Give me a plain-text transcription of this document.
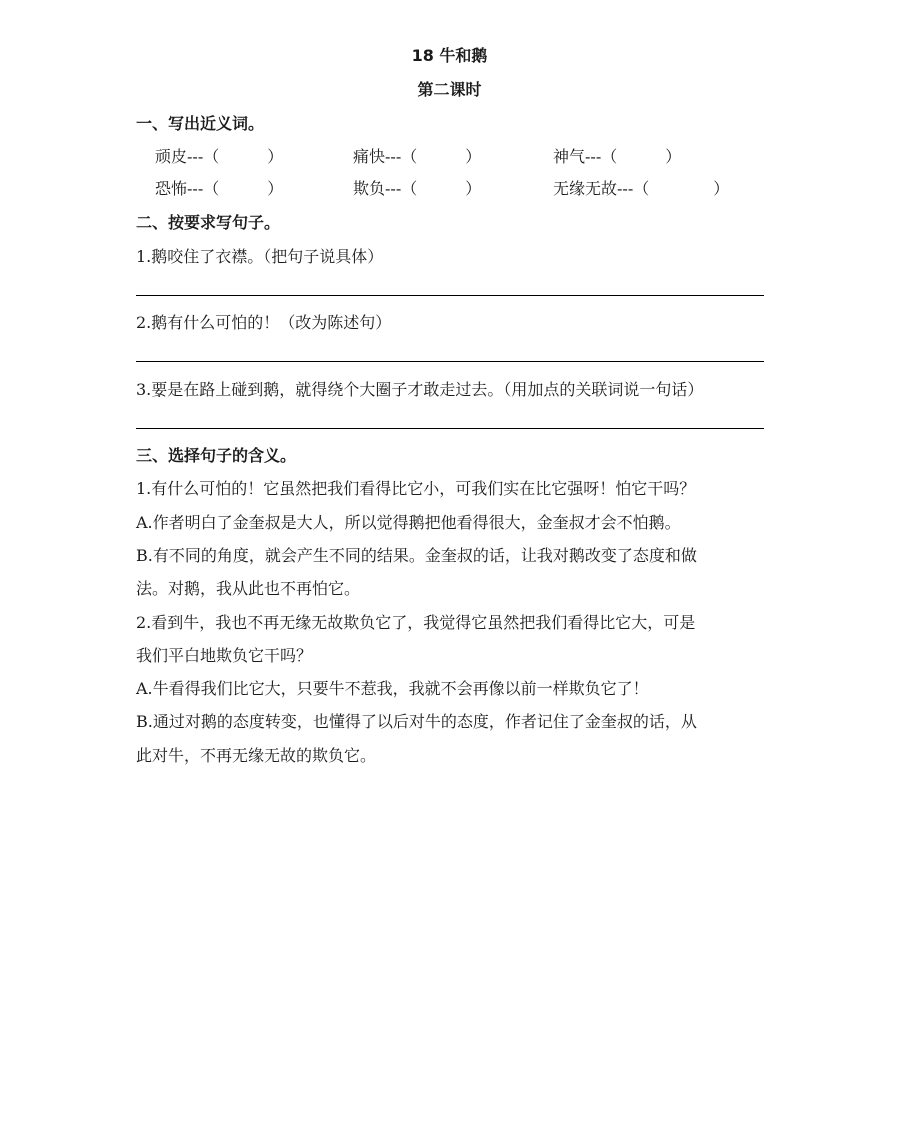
18 牛和鹅
第二课时
一、写出近义词。
顽皮---（　　　）	痛快---（　　　）	神气---（　　　）
恐怖---（　　　）	欺负---（　　　）	无缘无故---（　　　　）
二、按要求写句子。
1.鹅咬住了衣襟。（把句子说具体）
2.鹅有什么可怕的！（改为陈述句）
3.要是在路上碰到鹅，就得绕个大圈子才敢走过去。（用加点的关联词说一句话）
三、选择句子的含义。
1.有什么可怕的！它虽然把我们看得比它小，可我们实在比它强呀！怕它干吗？
A.作者明白了金奎叔是大人，所以觉得鹅把他看得很大，金奎叔才会不怕鹅。
B.有不同的角度，就会产生不同的结果。金奎叔的话，让我对鹅改变了态度和做
法。对鹅，我从此也不再怕它。
2.看到牛，我也不再无缘无故欺负它了，我觉得它虽然把我们看得比它大，可是
我们平白地欺负它干吗？
A.牛看得我们比它大，只要牛不惹我，我就不会再像以前一样欺负它了！
B.通过对鹅的态度转变，也懂得了以后对牛的态度，作者记住了金奎叔的话，从
此对牛，不再无缘无故的欺负它。
